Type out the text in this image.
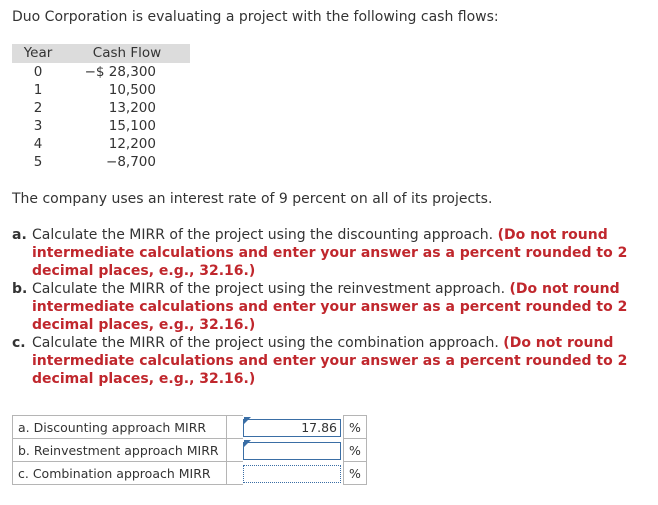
Duo Corporation is evaluating a project with the following cash flows:
Year	Cash Flow
0	−$ 28,300
1	10,500
2	13,200
3	15,100
4	12,200
5	−8,700
The company uses an interest rate of 9 percent on all of its projects.
a. Calculate the MIRR of the project using the discounting approach. (Do not round intermediate calculations and enter your answer as a percent rounded to 2 decimal places, e.g., 32.16.)
b. Calculate the MIRR of the project using the reinvestment approach. (Do not round intermediate calculations and enter your answer as a percent rounded to 2 decimal places, e.g., 32.16.)
c. Calculate the MIRR of the project using the combination approach. (Do not round intermediate calculations and enter your answer as a percent rounded to 2 decimal places, e.g., 32.16.)
a. Discounting approach MIRR		17.86	%
b. Reinvestment approach MIRR			%
c. Combination approach MIRR			%
